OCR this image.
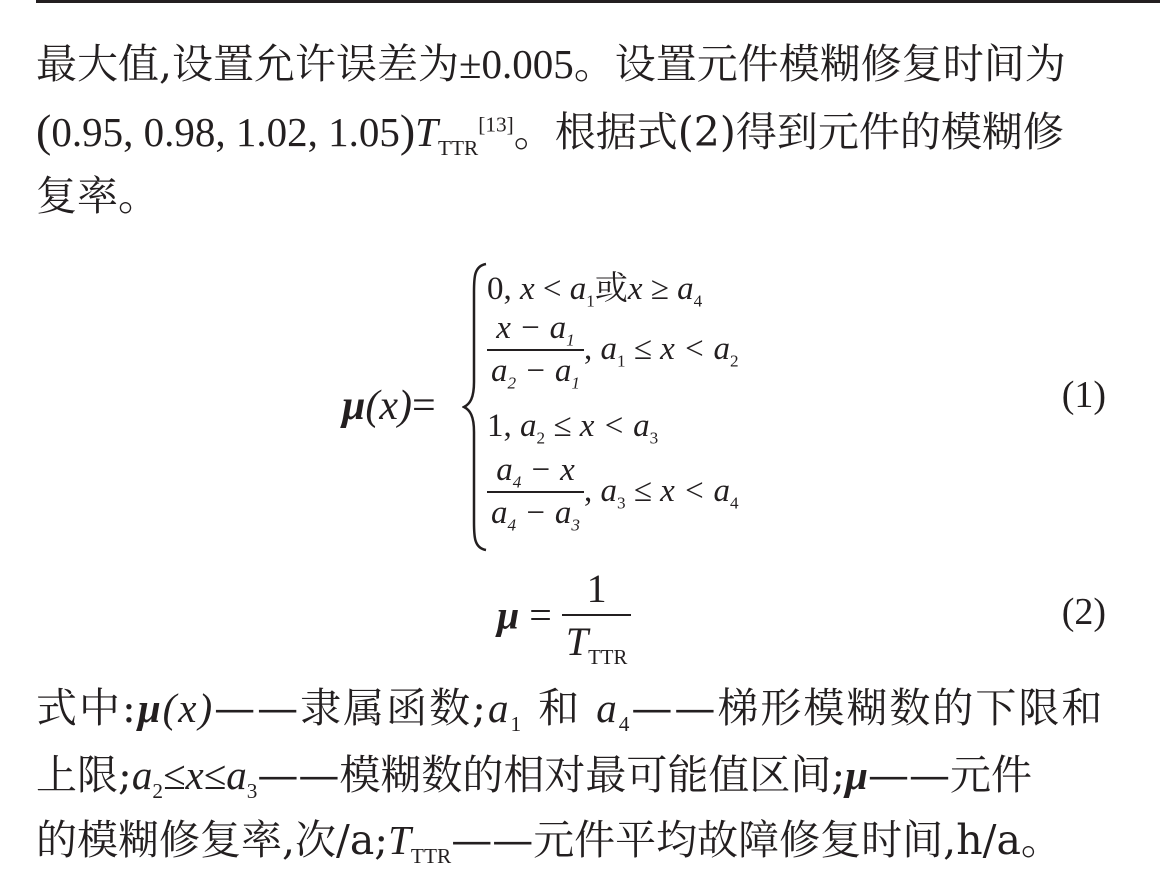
最大值,设置允许误差为±0.005。设置元件模糊修复时间为
(0.95, 0.98, 1.02, $1.05)T_{TTR}[13]$。根据式(2)得到元件的模糊修
复率。
μ(x)=
0, $x < a_1$或$x \ge a_4$
$\frac{x - a_1}{a_2 - a_1}$ , $a_1 \le x < a_2$
1, $a_2 \le x < a_3$
$\frac{a_4 - x}{a_4 - a_3}$ , $a_3 \le x < a_4$
(1)
$\mu = \frac{1}{T_{TTR}}$	(2)
式中:μ(x)——隶属函数$;a_1$ 和 $a_4——$梯形模糊数的下限和
上限$;a_2\le x\le a_3——$模糊数的相对最可能值区间;μ——元件
的模糊修复率,次$/a;T_{TTR}——$元件平均故障修复时间,h/a。
